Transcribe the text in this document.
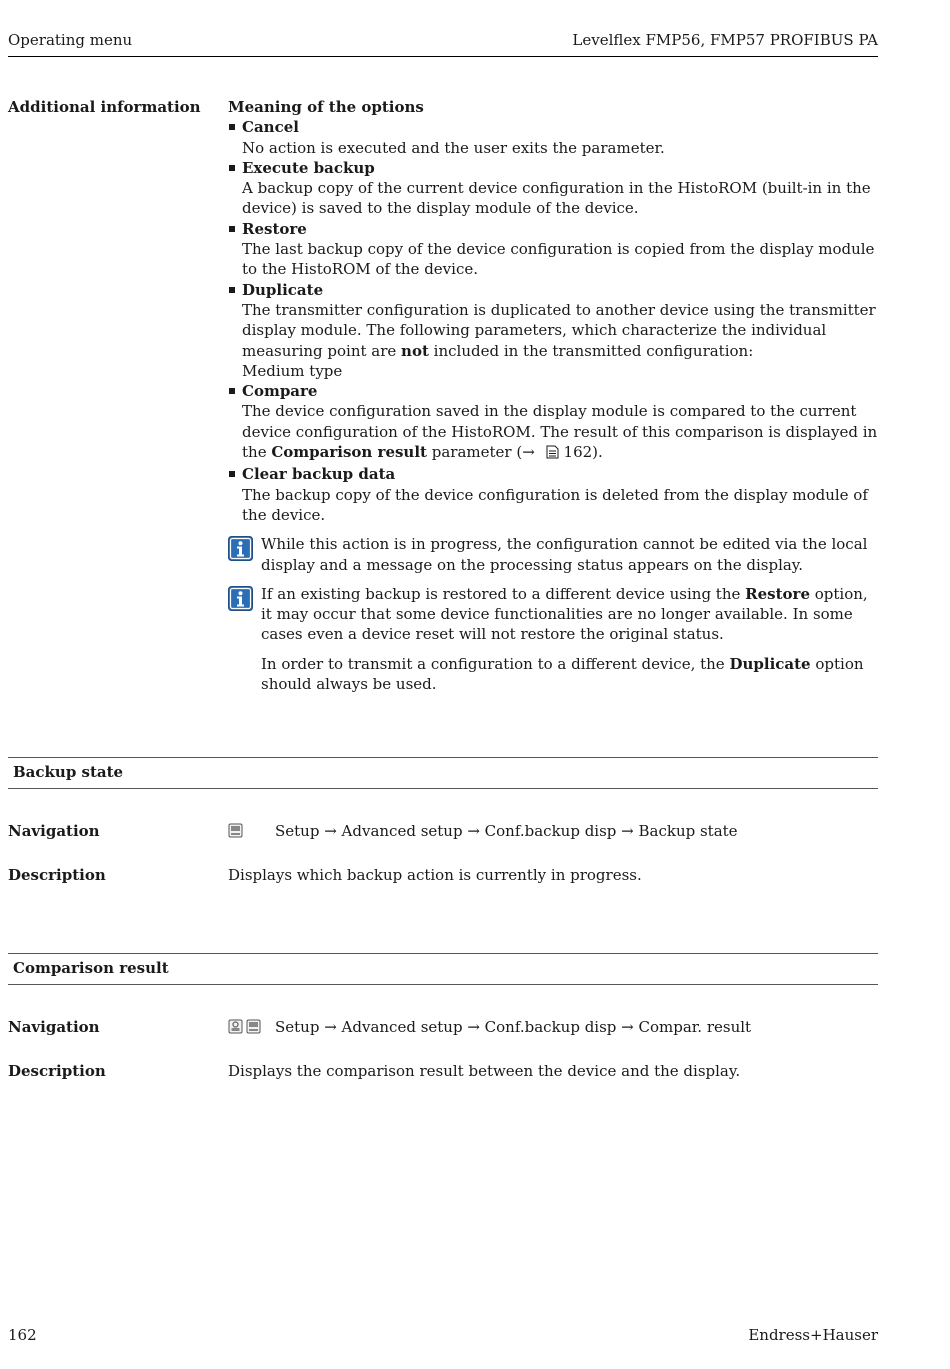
Operating menu	Levelflex FMP56, FMP57 PROFIBUS PA
Additional information Meaning of the options
Cancel
No action is executed and the user exits the parameter.
Execute backup
A backup copy of the current device configuration in the HistoROM (built-in in the device) is saved to the display module of the device.
Restore
The last backup copy of the device configuration is copied from the display module to the HistoROM of the device.
Duplicate
The transmitter configuration is duplicated to another device using the transmitter display module. The following parameters, which characterize the individual measuring point are not included in the transmitted configuration:
Medium type
Compare
The device configuration saved in the display module is compared to the current device configuration of the HistoROM. The result of this comparison is displayed in the Comparison result parameter (→ 162).
Clear backup data
The backup copy of the device configuration is deleted from the display module of the device.

While this action is in progress, the configuration cannot be edited via the local display and a message on the processing status appears on the display.

If an existing backup is restored to a different device using the Restore option, it may occur that some device functionalities are no longer available. In some cases even a device reset will not restore the original status.

In order to transmit a configuration to a different device, the Duplicate option should always be used.

Backup state
Navigation	Setup → Advanced setup → Conf.backup disp → Backup state
Description	Displays which backup action is currently in progress.
Comparison result
Navigation	Setup → Advanced setup → Conf.backup disp → Compar. result
Description	Displays the comparison result between the device and the display.
162	Endress+Hauser
